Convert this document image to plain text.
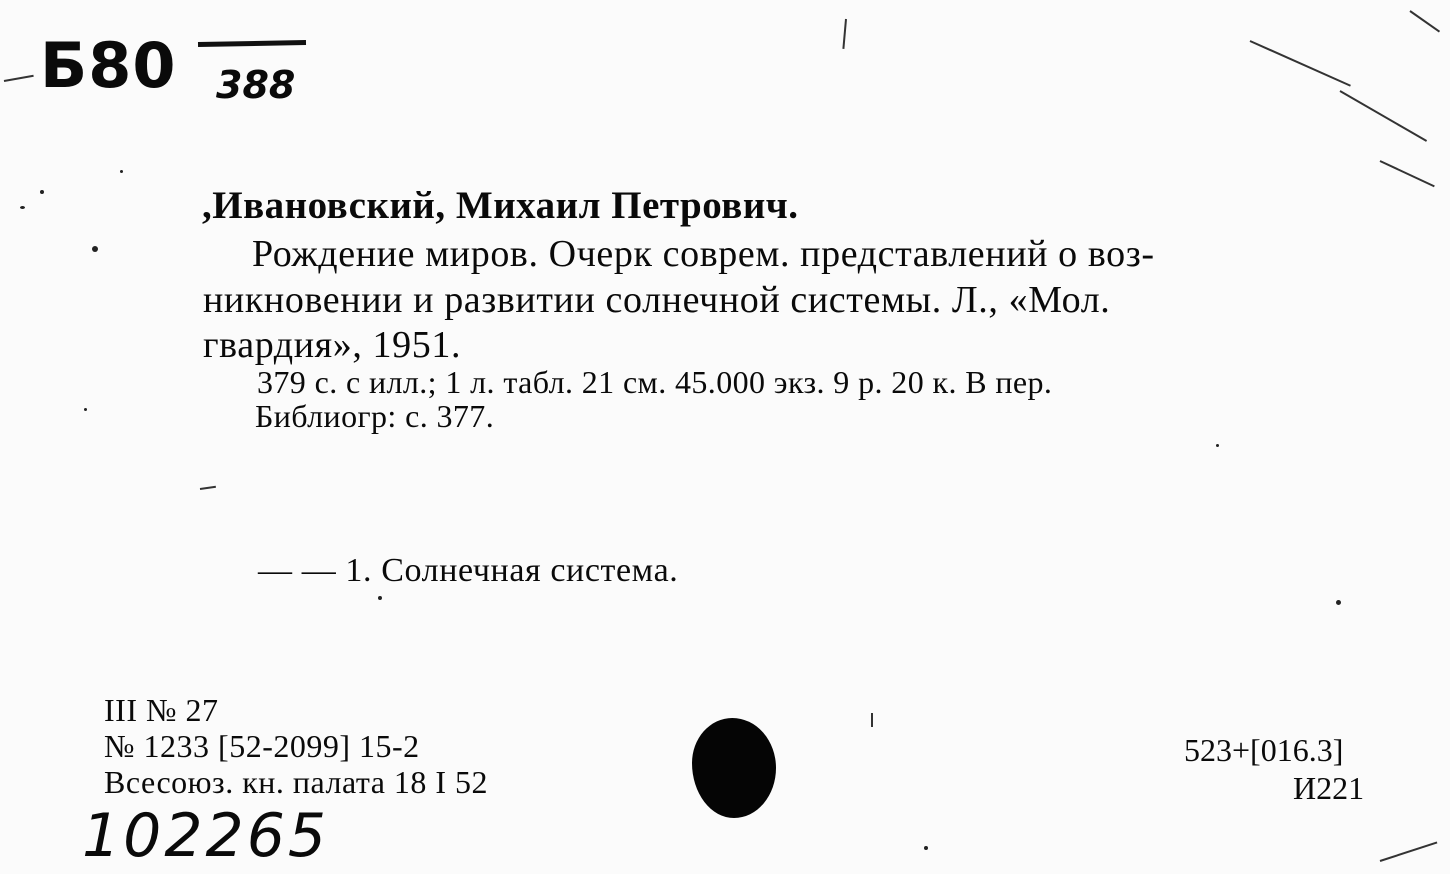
Б80 388
,Ивановский, Михаил Петрович.
Рождение миров. Очерк соврем. представлений о воз-
никновении и развитии солнечной системы. Л., «Мол.
гвардия», 1951.
379 с. с илл.; 1 л. табл. 21 см. 45.000 экз. 9 р. 20 к. В пер.
Библиогр: с. 377.
— — 1. Солнечная система.
III № 27
№ 1233 [52-2099] 15-2
Всесоюз. кн. палата 18 I 52
523+[016.3]
И221
102265
